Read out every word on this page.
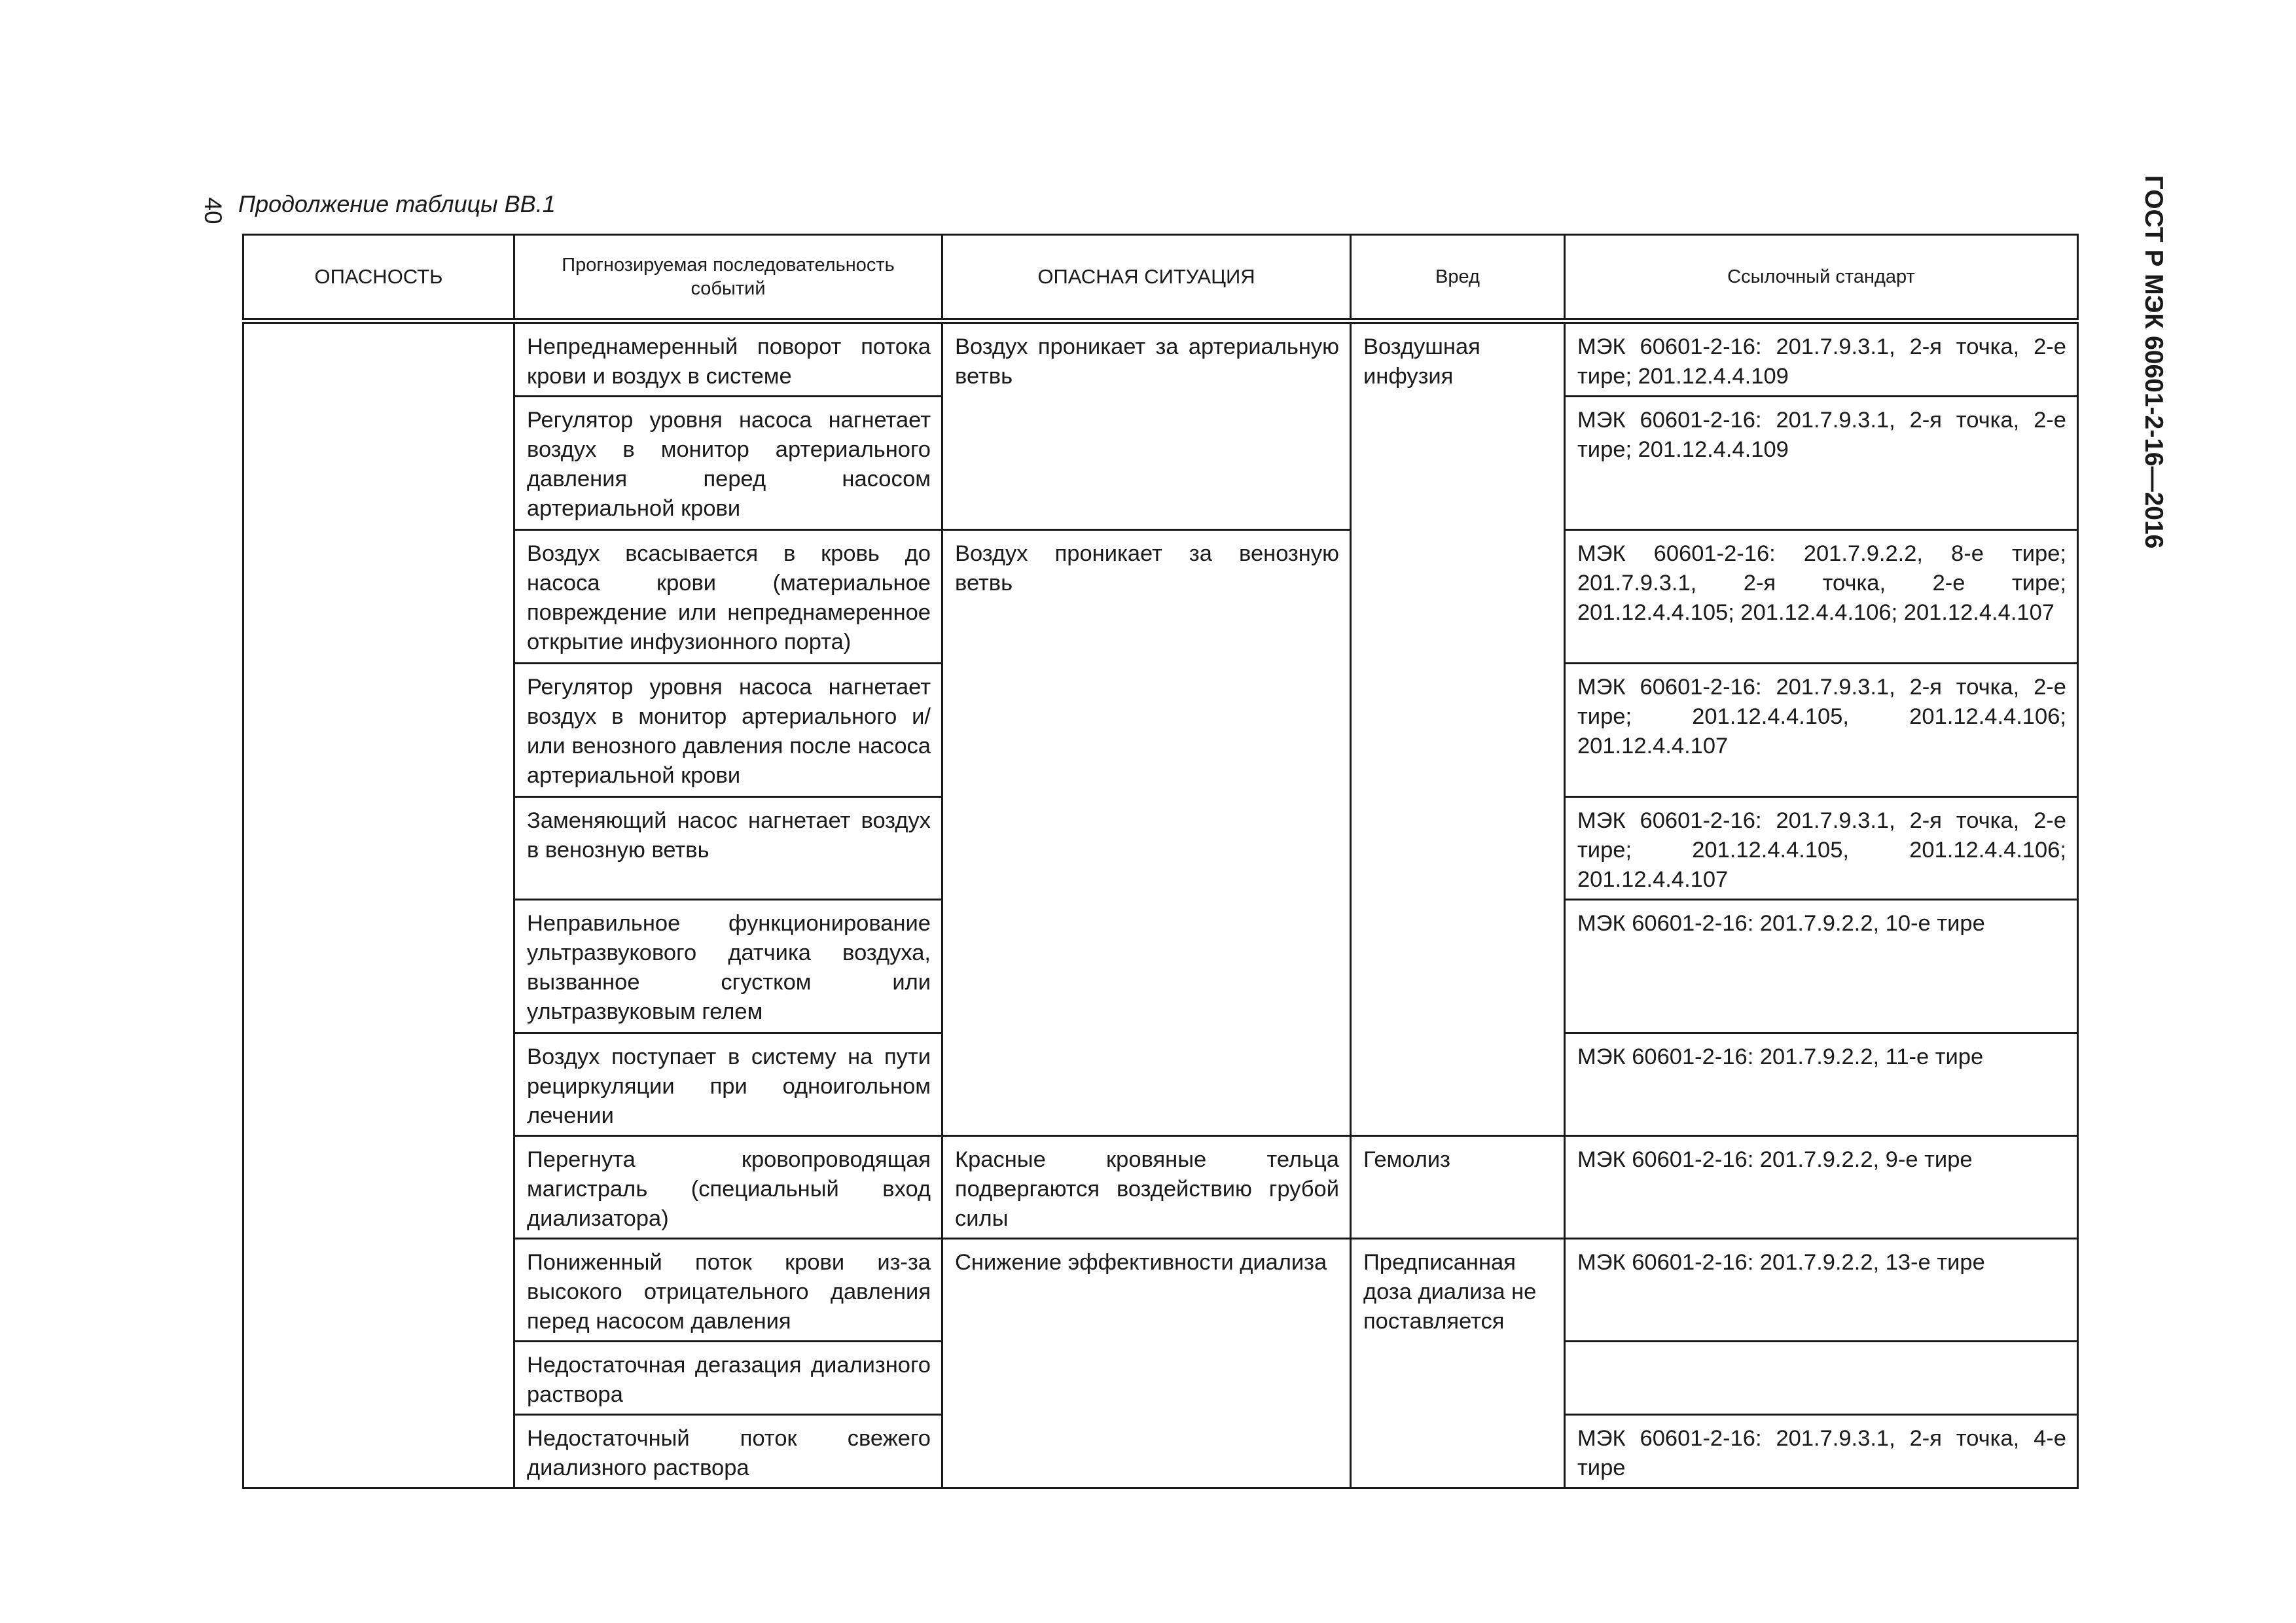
40 Продолжение таблицы ВВ.1	ГОСТ Р МЭК 60601-2-16—2016
ОПАСНОСТЬ	Прогнозируемая последовательность событий	ОПАСНАЯ СИТУАЦИЯ	Вред	Ссылочный стандарт
	Непреднамеренный поворот потока крови и воздух в системе	Воздух проникает за артериальную ветвь	Воздушная инфузия	МЭК 60601-2-16: 201.7.9.3.1, 2-я точка, 2-е тире; 201.12.4.4.109
	Регулятор уровня насоса нагнетает воздух в монитор артериального давления перед насосом артериальной крови			МЭК 60601-2-16: 201.7.9.3.1, 2-я точка, 2-е тире; 201.12.4.4.109
	Воздух всасывается в кровь до насоса крови (материальное повреждение или непреднамеренное открытие инфузионного порта)	Воздух проникает за венозную ветвь		МЭК 60601-2-16: 201.7.9.2.2, 8-е тире; 201.7.9.3.1, 2-я точка, 2-е тире; 201.12.4.4.105; 201.12.4.4.106; 201.12.4.4.107
	Регулятор уровня насоса нагнетает воздух в монитор артериального и/или венозного давления после насоса артериальной крови			МЭК 60601-2-16: 201.7.9.3.1, 2-я точка, 2-е тире; 201.12.4.4.105, 201.12.4.4.106; 201.12.4.4.107
	Заменяющий насос нагнетает воздух в венозную ветвь			МЭК 60601-2-16: 201.7.9.3.1, 2-я точка, 2-е тире; 201.12.4.4.105, 201.12.4.4.106; 201.12.4.4.107
	Неправильное функционирование ультразвукового датчика воздуха, вызванное сгустком или ультразвуковым гелем			МЭК 60601-2-16: 201.7.9.2.2, 10-е тире
	Воздух поступает в систему на пути рециркуляции при одноигольном лечении			МЭК 60601-2-16: 201.7.9.2.2, 11-е тире
	Перегнута кровопроводящая магистраль (специальный вход диализатора)	Красные кровяные тельца подвергаются воздействию грубой силы	Гемолиз	МЭК 60601-2-16: 201.7.9.2.2, 9-е тире
	Пониженный поток крови из-за высокого отрицательного давления перед насосом давления	Снижение эффективности диализа	Предписанная доза диализа не поставляется	МЭК 60601-2-16: 201.7.9.2.2, 13-е тире
	Недостаточная дегазация диализного раствора			
	Недостаточный поток свежего диализного раствора			МЭК 60601-2-16: 201.7.9.3.1, 2-я точка, 4-е тире
